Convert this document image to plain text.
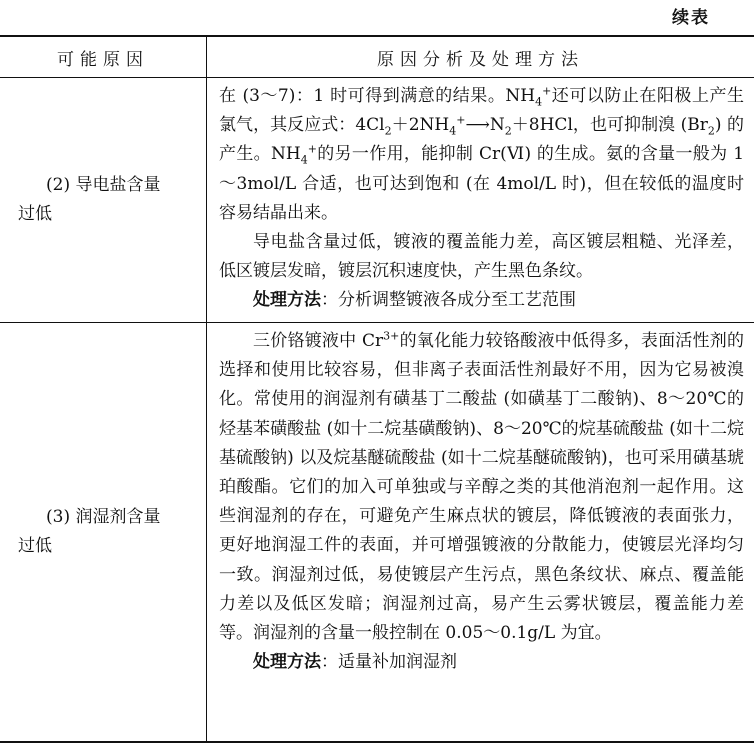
续表
可能原因	原因分析及处理方法
(2) 导电盐含量
过低

在 (3～7)：1 时可得到满意的结果。$NH_4^+$还可以防止在阳极上产生氯气，其反应式：$4Cl_2+2NH_4^+⟶N_2+8HCl$，也可抑制溴 $(Br_2)$ 的产生。$NH_4^+$的另一作用，能抑制 Cr(Ⅵ) 的生成。氨的含量一般为 1～3mol/L 合适，也可达到饱和 (在 4mol/L 时)，但在较低的温度时容易结晶出来。

导电盐含量过低，镀液的覆盖能力差，高区镀层粗糙、光泽差，低区镀层发暗，镀层沉积速度快，产生黑色条纹。

处理方法：分析调整镀液各成分至工艺范围

(3) 润湿剂含量
过低

三价铬镀液中 $Cr^{3+}$的氧化能力较铬酸液中低得多，表面活性剂的选择和使用比较容易，但非离子表面活性剂最好不用，因为它易被溴化。常使用的润湿剂有磺基丁二酸盐 (如磺基丁二酸钠)、8～20℃的烃基苯磺酸盐 (如十二烷基磺酸钠)、8～20℃的烷基硫酸盐 (如十二烷基硫酸钠) 以及烷基醚硫酸盐 (如十二烷基醚硫酸钠)，也可采用磺基琥珀酸酯。它们的加入可单独或与辛醇之类的其他消泡剂一起作用。这些润湿剂的存在，可避免产生麻点状的镀层，降低镀液的表面张力，更好地润湿工件的表面，并可增强镀液的分散能力，使镀层光泽均匀一致。润湿剂过低，易使镀层产生污点，黑色条纹状、麻点、覆盖能力差以及低区发暗；润湿剂过高，易产生云雾状镀层，覆盖能力差等。润湿剂的含量一般控制在 0.05～0.1g/L 为宜。

处理方法：适量补加润湿剂
